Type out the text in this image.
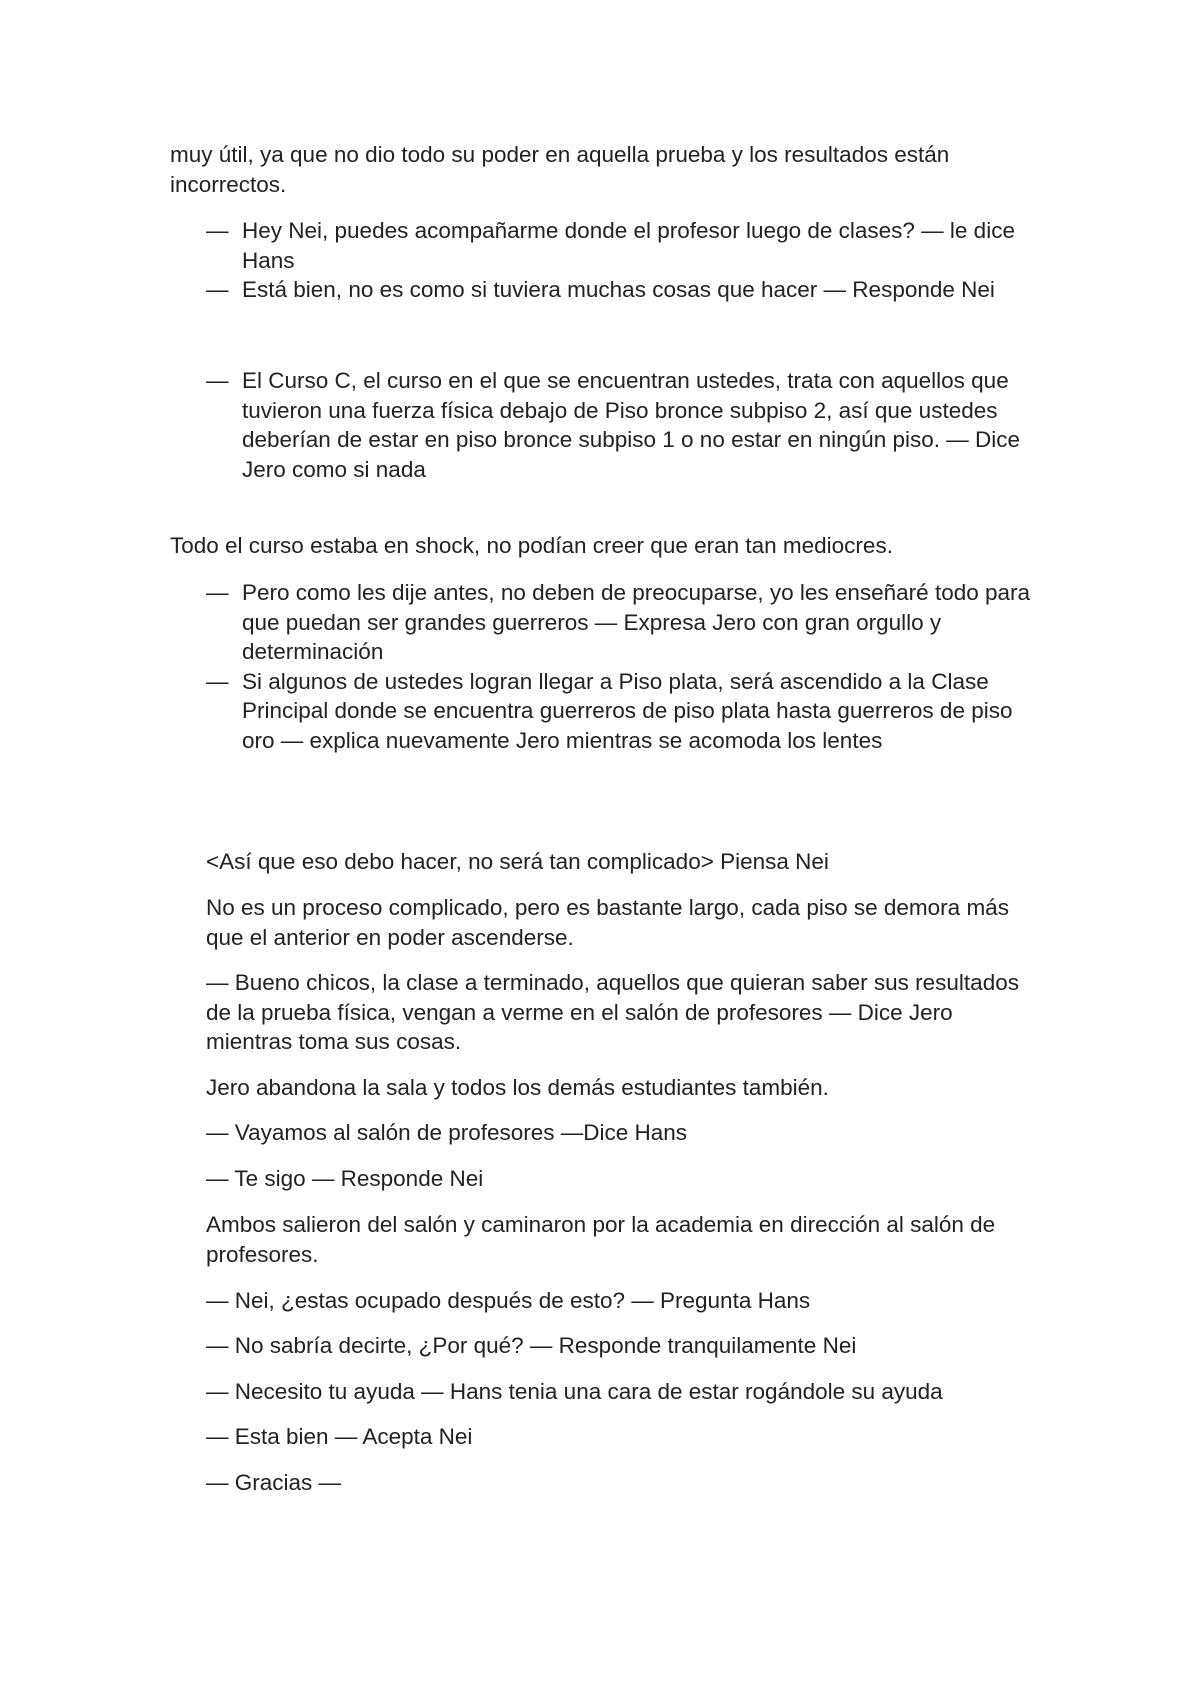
muy útil, ya que no dio todo su poder en aquella prueba y los resultados están incorrectos.

— Hey Nei, puedes acompañarme donde el profesor luego de clases? — le dice Hans
— Está bien, no es como si tuviera muchas cosas que hacer — Responde Nei
— El Curso C, el curso en el que se encuentran ustedes, trata con aquellos que tuvieron una fuerza física debajo de Piso bronce subpiso 2, así que ustedes deberían de estar en piso bronce subpiso 1 o no estar en ningún piso. — Dice Jero como si nada

Todo el curso estaba en shock, no podían creer que eran tan mediocres.

— Pero como les dije antes, no deben de preocuparse, yo les enseñaré todo para que puedan ser grandes guerreros — Expresa Jero con gran orgullo y determinación
— Si algunos de ustedes logran llegar a Piso plata, será ascendido a la Clase Principal donde se encuentra guerreros de piso plata hasta guerreros de piso oro — explica nuevamente Jero mientras se acomoda los lentes

<Así que eso debo hacer, no será tan complicado> Piensa Nei

No es un proceso complicado, pero es bastante largo, cada piso se demora más que el anterior en poder ascenderse.

— Bueno chicos, la clase a terminado, aquellos que quieran saber sus resultados de la prueba física, vengan a verme en el salón de profesores — Dice Jero mientras toma sus cosas.

Jero abandona la sala y todos los demás estudiantes también.

— Vayamos al salón de profesores —Dice Hans

— Te sigo — Responde Nei

Ambos salieron del salón y caminaron por la academia en dirección al salón de profesores.

— Nei, ¿estas ocupado después de esto? — Pregunta Hans

— No sabría decirte, ¿Por qué? — Responde tranquilamente Nei

— Necesito tu ayuda — Hans tenia una cara de estar rogándole su ayuda

— Esta bien — Acepta Nei

— Gracias —
